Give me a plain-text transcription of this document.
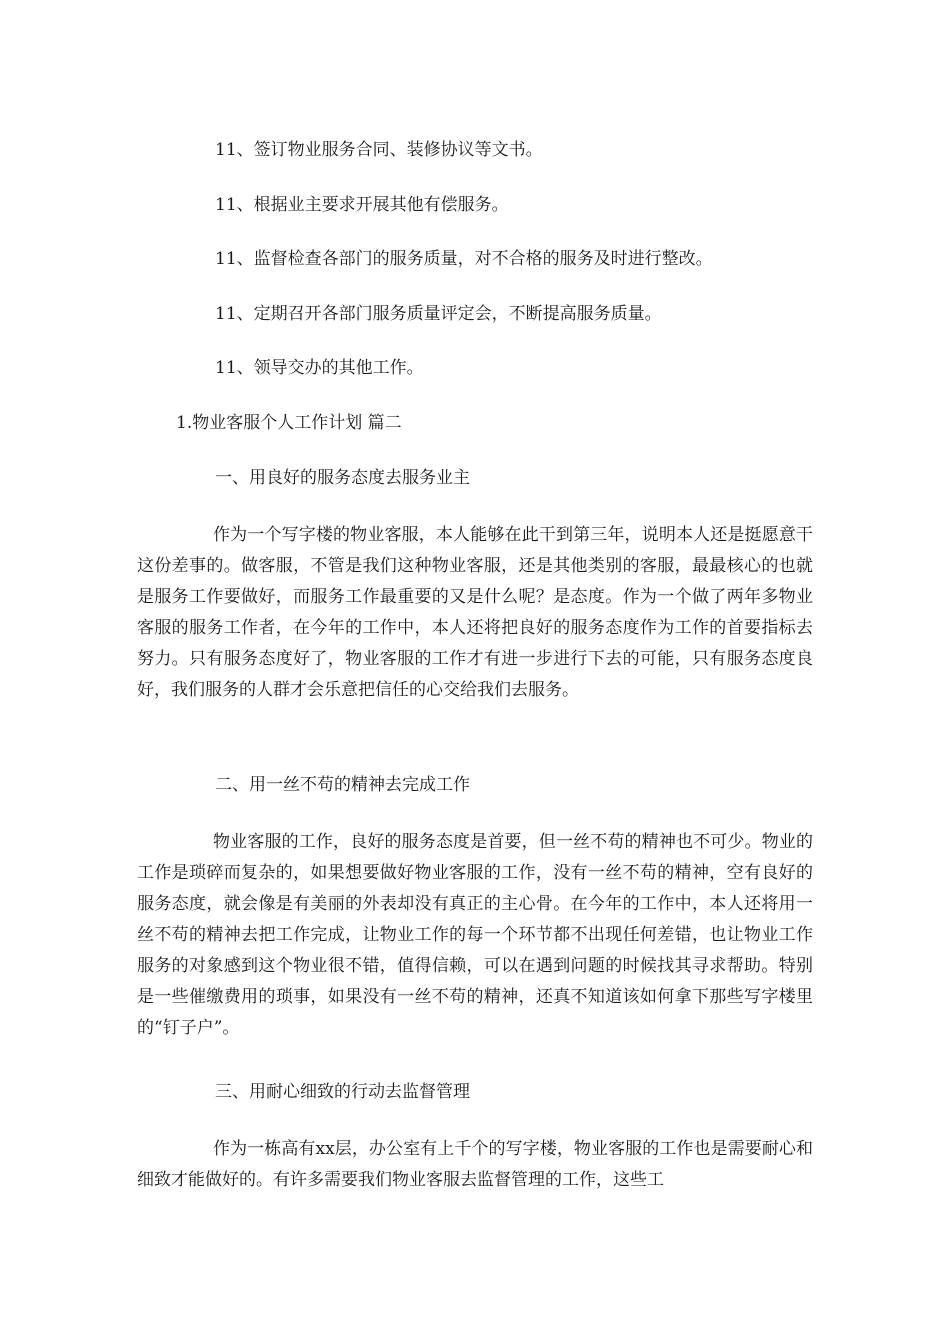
11、签订物业服务合同、装修协议等文书。
11、根据业主要求开展其他有偿服务。
11、监督检查各部门的服务质量，对不合格的服务及时进行整改。
11、定期召开各部门服务质量评定会，不断提高服务质量。
11、领导交办的其他工作。
1.物业客服个人工作计划 篇二
一、用良好的服务态度去服务业主

作为一个写字楼的物业客服，本人能够在此干到第三年，说明本人还是挺愿意干这份差事的。做客服，不管是我们这种物业客服，还是其他类别的客服，最最核心的也就是服务工作要做好，而服务工作最重要的又是什么呢？是态度。作为一个做了两年多物业客服的服务工作者，在今年的工作中，本人还将把良好的服务态度作为工作的首要指标去努力。只有服务态度好了，物业客服的工作才有进一步进行下去的可能，只有服务态度良好，我们服务的人群才会乐意把信任的心交给我们去服务。

二、用一丝不苟的精神去完成工作

物业客服的工作，良好的服务态度是首要，但一丝不苟的精神也不可少。物业的工作是琐碎而复杂的，如果想要做好物业客服的工作，没有一丝不苟的精神，空有良好的服务态度，就会像是有美丽的外表却没有真正的主心骨。在今年的工作中，本人还将用一丝不苟的精神去把工作完成，让物业工作的每一个环节都不出现任何差错，也让物业工作服务的对象感到这个物业很不错，值得信赖，可以在遇到问题的时候找其寻求帮助。特别是一些催缴费用的琐事，如果没有一丝不苟的精神，还真不知道该如何拿下那些写字楼里的“钉子户”。

三、用耐心细致的行动去监督管理

作为一栋高有xx层，办公室有上千个的写字楼，物业客服的工作也是需要耐心和细致才能做好的。有许多需要我们物业客服去监督管理的工作，这些工
